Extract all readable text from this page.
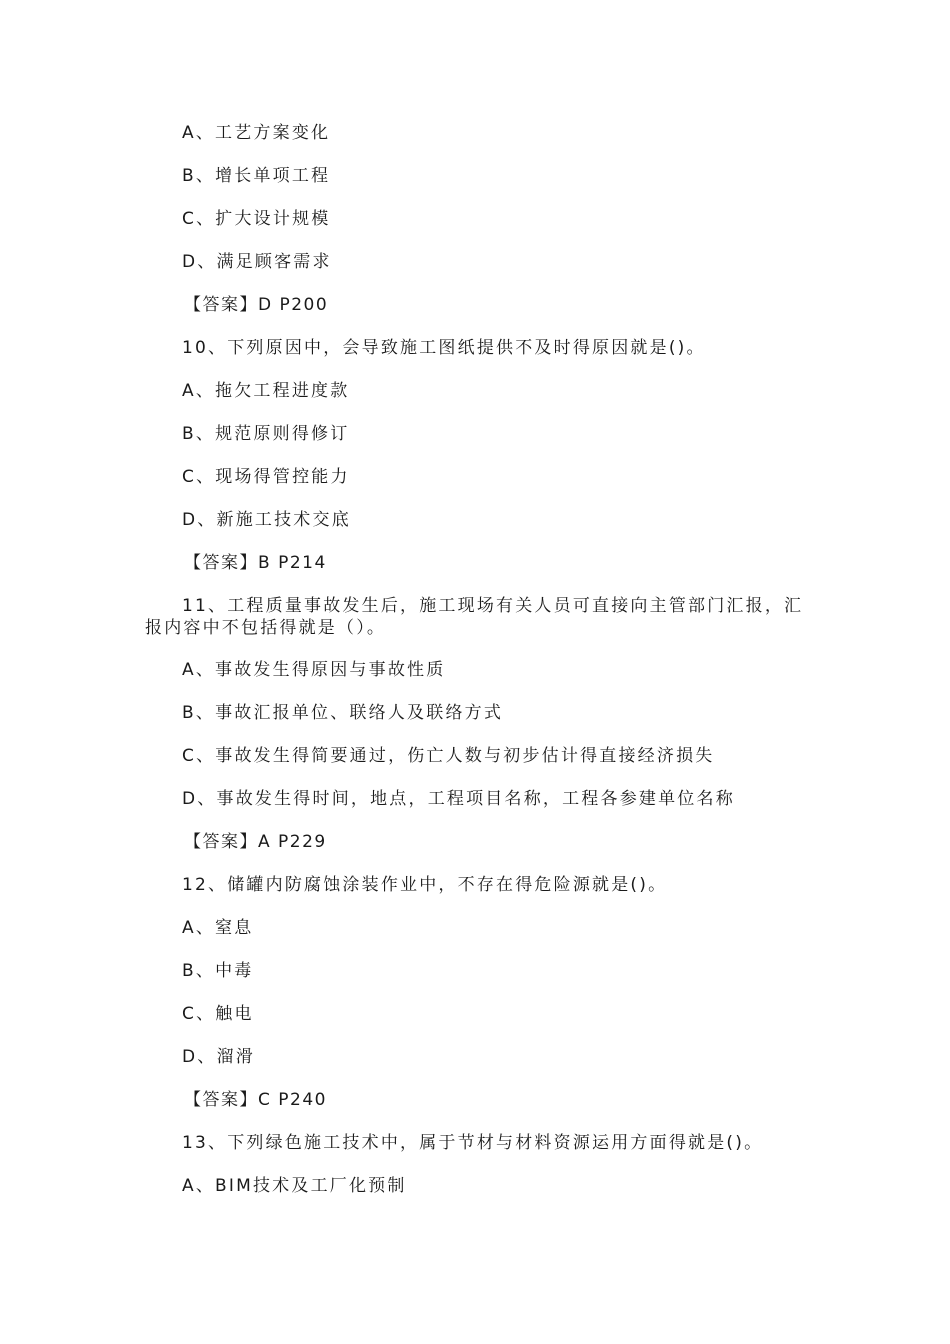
A、工艺方案变化
B、增长单项工程
C、扩大设计规模
D、满足顾客需求
【答案】D P200
10、下列原因中，会导致施工图纸提供不及时得原因就是()。
A、拖欠工程进度款
B、规范原则得修订
C、现场得管控能力
D、新施工技术交底
【答案】B P214
11、工程质量事故发生后，施工现场有关人员可直接向主管部门汇报，汇
报内容中不包括得就是（）。
A、事故发生得原因与事故性质
B、事故汇报单位、联络人及联络方式
C、事故发生得简要通过，伤亡人数与初步估计得直接经济损失
D、事故发生得时间，地点，工程项目名称，工程各参建单位名称
【答案】A P229
12、储罐内防腐蚀涂装作业中，不存在得危险源就是()。
A、窒息
B、中毒
C、触电
D、溜滑
【答案】C P240
13、下列绿色施工技术中，属于节材与材料资源运用方面得就是()。
A、BIM技术及工厂化预制
